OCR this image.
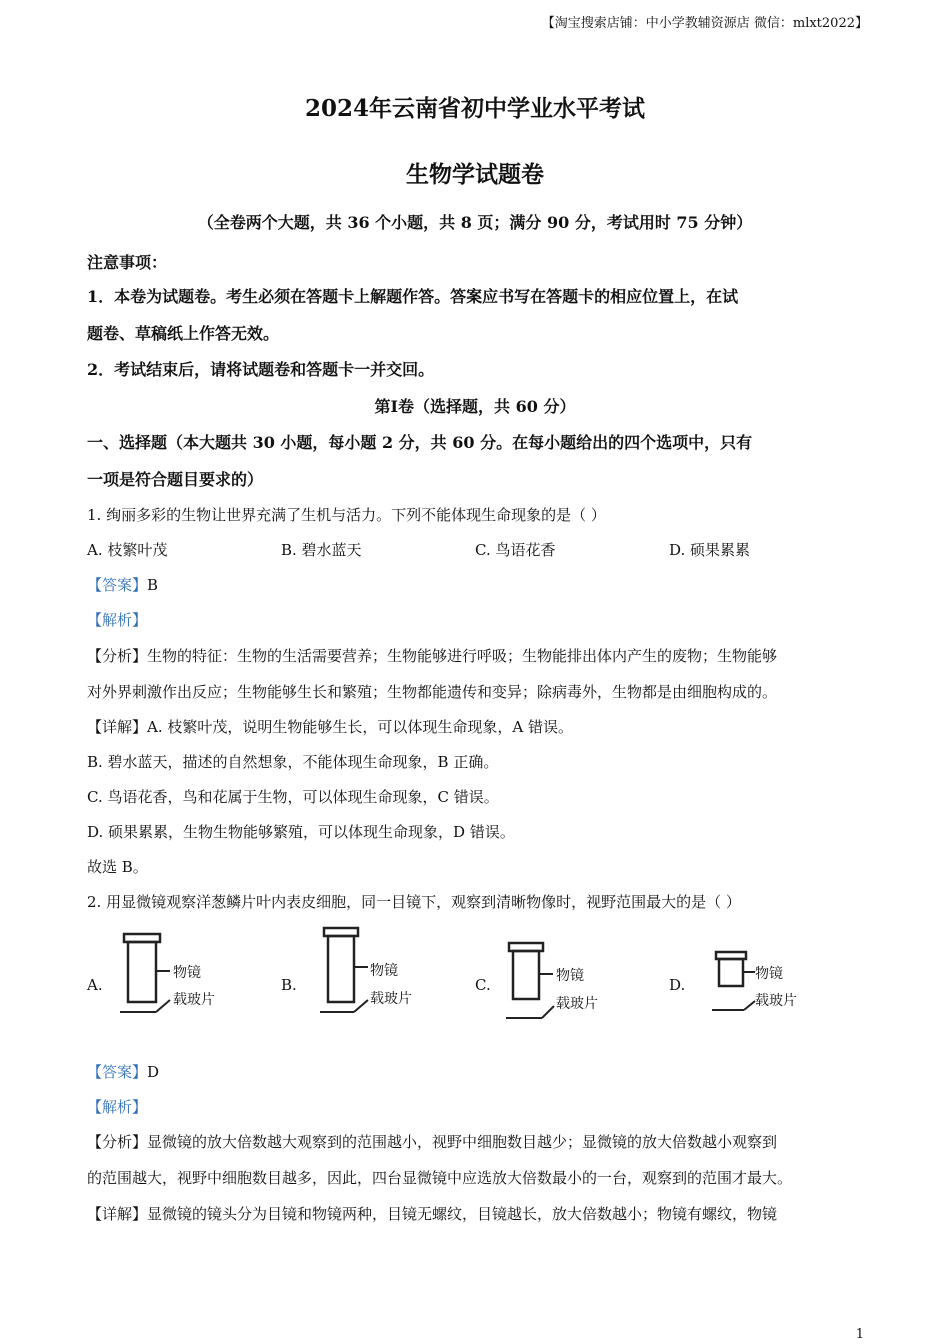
【淘宝搜索店铺：中小学教辅资源店 微信：mlxt2022】
2024年云南省初中学业水平考试
生物学试题卷
（全卷两个大题，共 36 个小题，共 8 页；满分 90 分，考试用时 75 分钟）
注意事项：
1．本卷为试题卷。考生必须在答题卡上解题作答。答案应书写在答题卡的相应位置上，在试
题卷、草稿纸上作答无效。
2．考试结束后，请将试题卷和答题卡一并交回。
第Ⅰ卷（选择题，共 60 分）
一、选择题（本大题共 30 小题，每小题 2 分，共 60 分。在每小题给出的四个选项中，只有
一项是符合题目要求的）
1. 绚丽多彩的生物让世界充满了生机与活力。下列不能体现生命现象的是（ ）
A. 枝繁叶茂	B. 碧水蓝天	C. 鸟语花香	D. 硕果累累
【答案】B
【解析】
【分析】生物的特征：生物的生活需要营养；生物能够进行呼吸；生物能排出体内产生的废物；生物能够
对外界刺激作出反应；生物能够生长和繁殖；生物都能遗传和变异；除病毒外，生物都是由细胞构成的。
【详解】A. 枝繁叶茂，说明生物能够生长，可以体现生命现象，A 错误。
B. 碧水蓝天，描述的自然想象，不能体现生命现象，B 正确。
C. 鸟语花香，鸟和花属于生物，可以体现生命现象，C 错误。
D. 硕果累累，生物生物能够繁殖，可以体现生命现象，D 错误。
故选 B。
2. 用显微镜观察洋葱鳞片叶内表皮细胞，同一目镜下，观察到清晰物像时，视野范围最大的是（ ）
A.
物镜
载玻片
B.
物镜
载玻片
C.	物镜
载玻片
D.
物镜
载玻片
【答案】D
【解析】
【分析】显微镜的放大倍数越大观察到的范围越小，视野中细胞数目越少；显微镜的放大倍数越小观察到
的范围越大，视野中细胞数目越多，因此，四台显微镜中应选放大倍数最小的一台，观察到的范围才最大。
【详解】显微镜的镜头分为目镜和物镜两种，目镜无螺纹，目镜越长，放大倍数越小；物镜有螺纹，物镜
1
